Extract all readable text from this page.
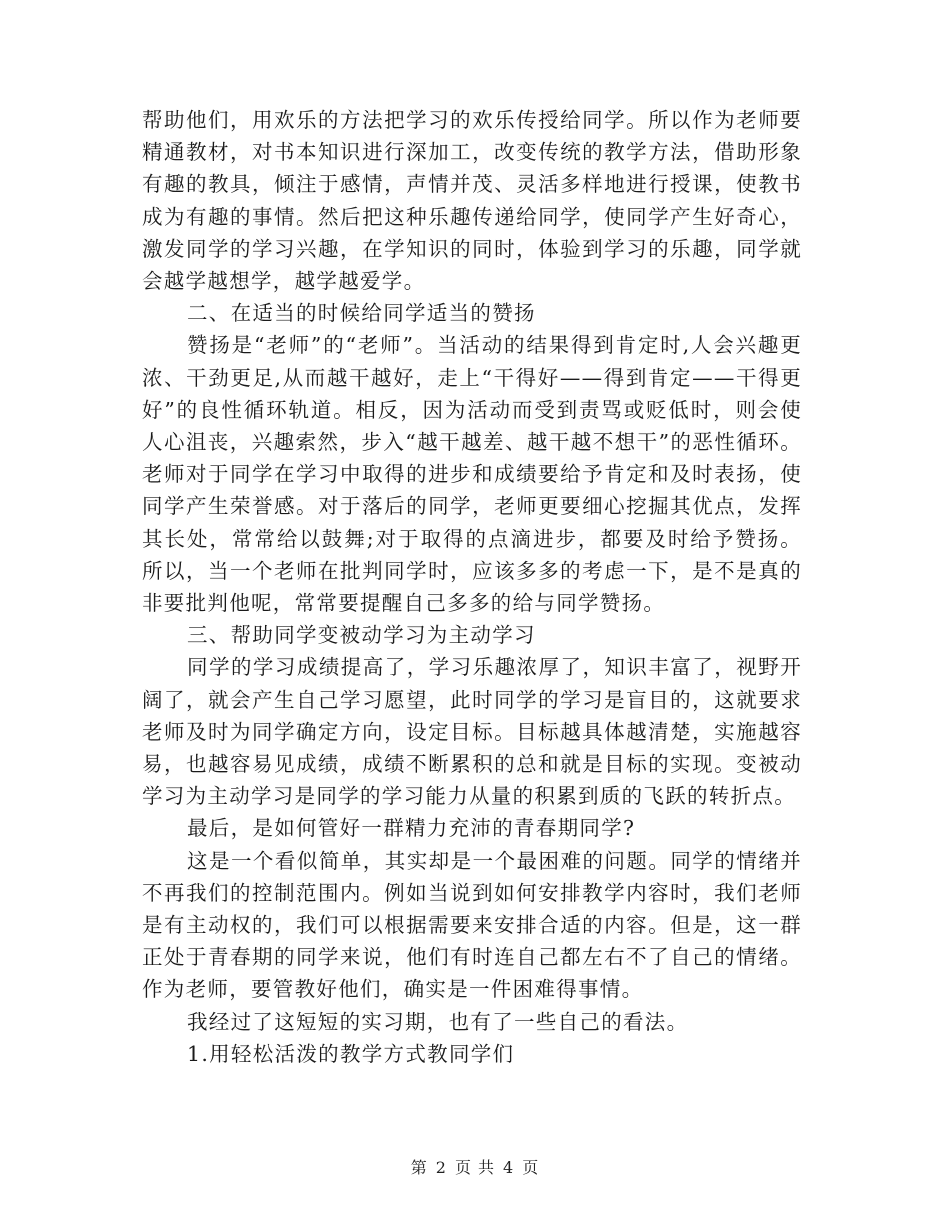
帮助他们，用欢乐的方法把学习的欢乐传授给同学。所以作为老师要精通教材，对书本知识进行深加工，改变传统的教学方法，借助形象有趣的教具，倾注于感情，声情并茂、灵活多样地进行授课，使教书成为有趣的事情。然后把这种乐趣传递给同学，使同学产生好奇心，激发同学的学习兴趣，在学知识的同时，体验到学习的乐趣，同学就会越学越想学，越学越爱学。

二、在适当的时候给同学适当的赞扬

赞扬是“老师”的“老师”。当活动的结果得到肯定时,人会兴趣更浓、干劲更足,从而越干越好，走上“干得好——得到肯定——干得更好”的良性循环轨道。相反，因为活动而受到责骂或贬低时，则会使人心沮丧，兴趣索然，步入“越干越差、越干越不想干”的恶性循环。老师对于同学在学习中取得的进步和成绩要给予肯定和及时表扬，使同学产生荣誉感。对于落后的同学，老师更要细心挖掘其优点，发挥其长处，常常给以鼓舞;对于取得的点滴进步，都要及时给予赞扬。所以，当一个老师在批判同学时，应该多多的考虑一下，是不是真的非要批判他呢，常常要提醒自己多多的给与同学赞扬。

三、帮助同学变被动学习为主动学习

同学的学习成绩提高了，学习乐趣浓厚了，知识丰富了，视野开阔了，就会产生自己学习愿望，此时同学的学习是盲目的，这就要求老师及时为同学确定方向，设定目标。目标越具体越清楚，实施越容易，也越容易见成绩，成绩不断累积的总和就是目标的实现。变被动学习为主动学习是同学的学习能力从量的积累到质的飞跃的转折点。

最后，是如何管好一群精力充沛的青春期同学?

这是一个看似简单，其实却是一个最困难的问题。同学的情绪并不再我们的控制范围内。例如当说到如何安排教学内容时，我们老师是有主动权的，我们可以根据需要来安排合适的内容。但是，这一群正处于青春期的同学来说，他们有时连自己都左右不了自己的情绪。作为老师，要管教好他们，确实是一件困难得事情。

我经过了这短短的实习期，也有了一些自己的看法。

1.用轻松活泼的教学方式教同学们

第 2 页 共 4 页
